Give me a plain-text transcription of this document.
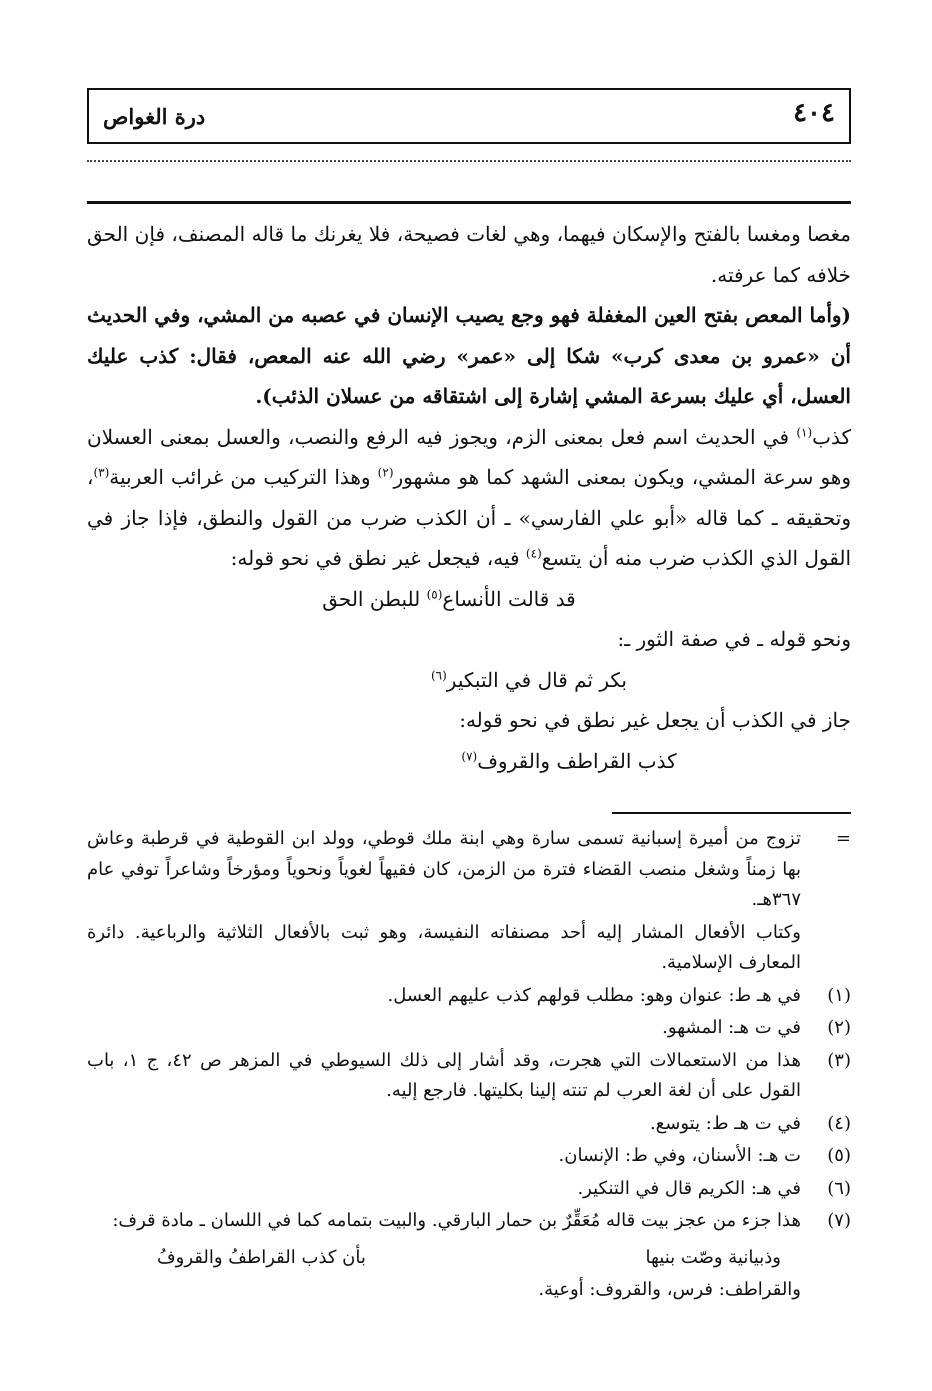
٤٠٤
درة الغواص

مغصا ومغسا بالفتح والإسكان فيهما، وهي لغات فصيحة، فلا يغرنك ما قاله المصنف، فإن الحق خلافه كما عرفته.

(وأما المعص بفتح العين المغفلة فهو وجع يصيب الإنسان في عصبه من المشي، وفي الحديث أن «عمرو بن معدى كرب» شكا إلى «عمر» رضي الله عنه المعص، فقال: كذب عليك العسل، أي عليك بسرعة المشي إشارة إلى اشتقاقه من عسلان الذئب).

كذب$^{(١)}$ في الحديث اسم فعل بمعنى الزم، ويجوز فيه الرفع والنصب، والعسل بمعنى العسلان وهو سرعة المشي، ويكون بمعنى الشهد كما هو مشهور$^{(٢)}$ وهذا التركيب من غرائب العربية$^{(٣)}$، وتحقيقه ـ كما قاله «أبو علي الفارسي» ـ أن الكذب ضرب من القول والنطق، فإذا جاز في القول الذي الكذب ضرب منه أن يتسع$^{(٤)}$ فيه، فيجعل غير نطق في نحو قوله:

قد قالت الأنساع$^{(٥)}$ للبطن الحق

ونحو قوله ـ في صفة الثور ـ:

بكر ثم قال في التبكير$^{(٦)}$

جاز في الكذب أن يجعل غير نطق في نحو قوله:

كذب القراطف والقروف$^{(٧)}$

=
تزوج من أميرة إسبانية تسمى سارة وهي ابنة ملك قوطي، وولد ابن القوطية في قرطبة وعاش بها زمناً وشغل منصب القضاء فترة من الزمن، كان فقيهاً لغوياً ونحوياً ومؤرخاً وشاعراً توفي عام ٣٦٧هـ.
وكتاب الأفعال المشار إليه أحد مصنفاته النفيسة، وهو ثبت بالأفعال الثلاثية والرباعية. دائرة المعارف الإسلامية.
(١)
في هـ ط: عنوان وهو: مطلب قولهم كذب عليهم العسل.
(٢)
في ت هـ: المشهو.
(٣)
هذا من الاستعمالات التي هجرت، وقد أشار إلى ذلك السيوطي في المزهر ص ٤٢، ج ١، باب القول على أن لغة العرب لم تنته إلينا بكليتها. فارجع إليه.
(٤)
في ت هـ ط: يتوسع.
(٥)
ت هـ: الأسنان، وفي ط: الإنسان.
(٦)
في هـ: الكريم قال في التنكير.
(٧)
هذا جزء من عجز بيت قاله مُعَقِّرٌ بن حمار البارقي. والبيت بتمامه كما في اللسان ـ مادة قرف:
وذبيانية وصّت بنيها
بأن كذب القراطفُ والقروفُ
والقراطف: فرس، والقروف: أوعية.
